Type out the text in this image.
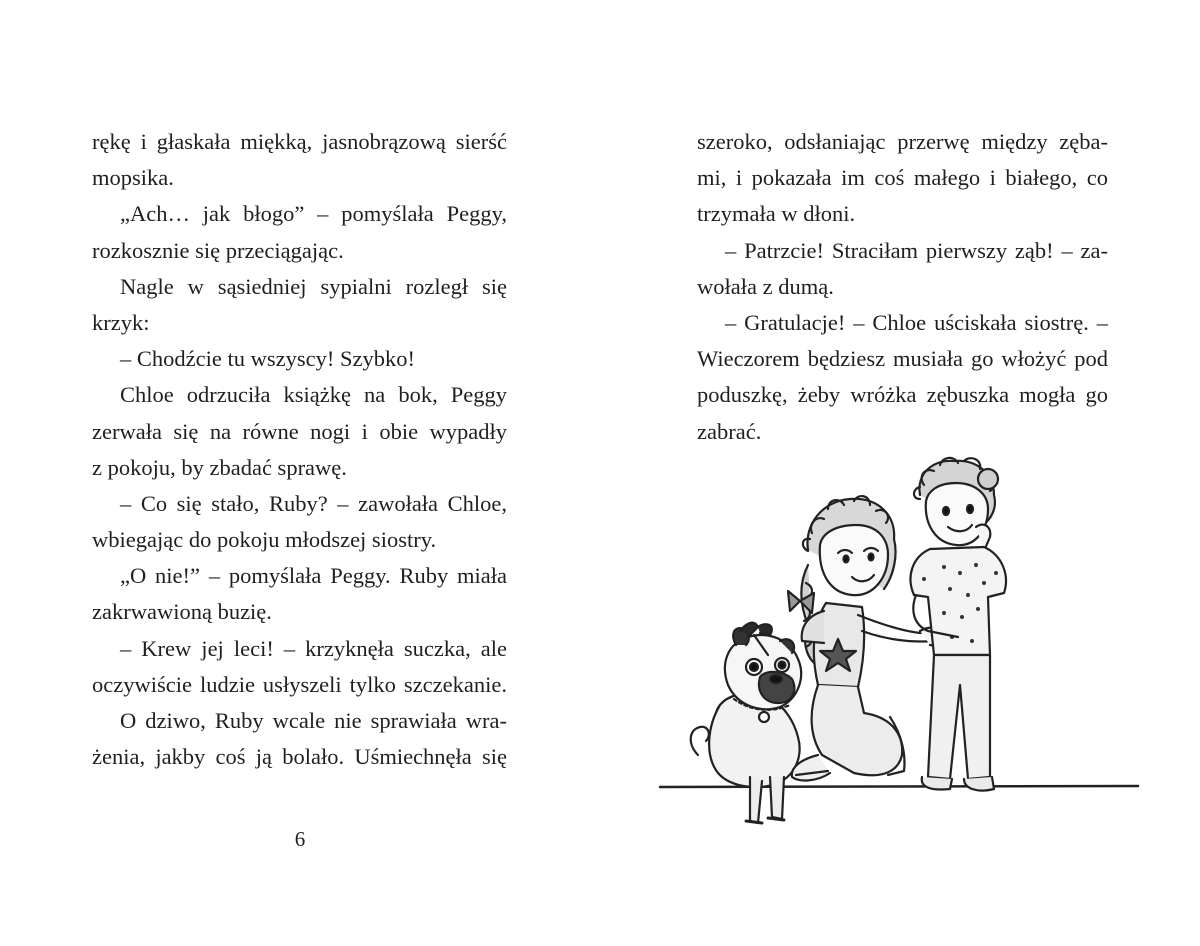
rękę i głaskała miękką, jasnobrązową sierść
mopsika.
„Ach… jak błogo” – pomyślała Peggy,
rozkosznie się przeciągając.
Nagle w sąsiedniej sypialni rozległ się
krzyk:
– Chodźcie tu wszyscy! Szybko!
Chloe odrzuciła książkę na bok, Peggy
zerwała się na równe nogi i obie wypadły
z pokoju, by zbadać sprawę.
– Co się stało, Ruby? – zawołała Chloe,
wbiegając do pokoju młodszej siostry.
„O nie!” – pomyślała Peggy. Ruby miała
zakrwawioną buzię.
– Krew jej leci! – krzyknęła suczka, ale
oczywiście ludzie usłyszeli tylko szczekanie.
O dziwo, Ruby wcale nie sprawiała wra-
żenia, jakby coś ją bolało. Uśmiechnęła się
6
szeroko, odsłaniając przerwę między zęba-
mi, i pokazała im coś małego i białego, co
trzymała w dłoni.
– Patrzcie! Straciłam pierwszy ząb! – za-
wołała z dumą.
– Gratulacje! – Chloe uściskała siostrę. –
Wieczorem będziesz musiała go włożyć pod
poduszkę, żeby wróżka zębuszka mogła go
zabrać.
